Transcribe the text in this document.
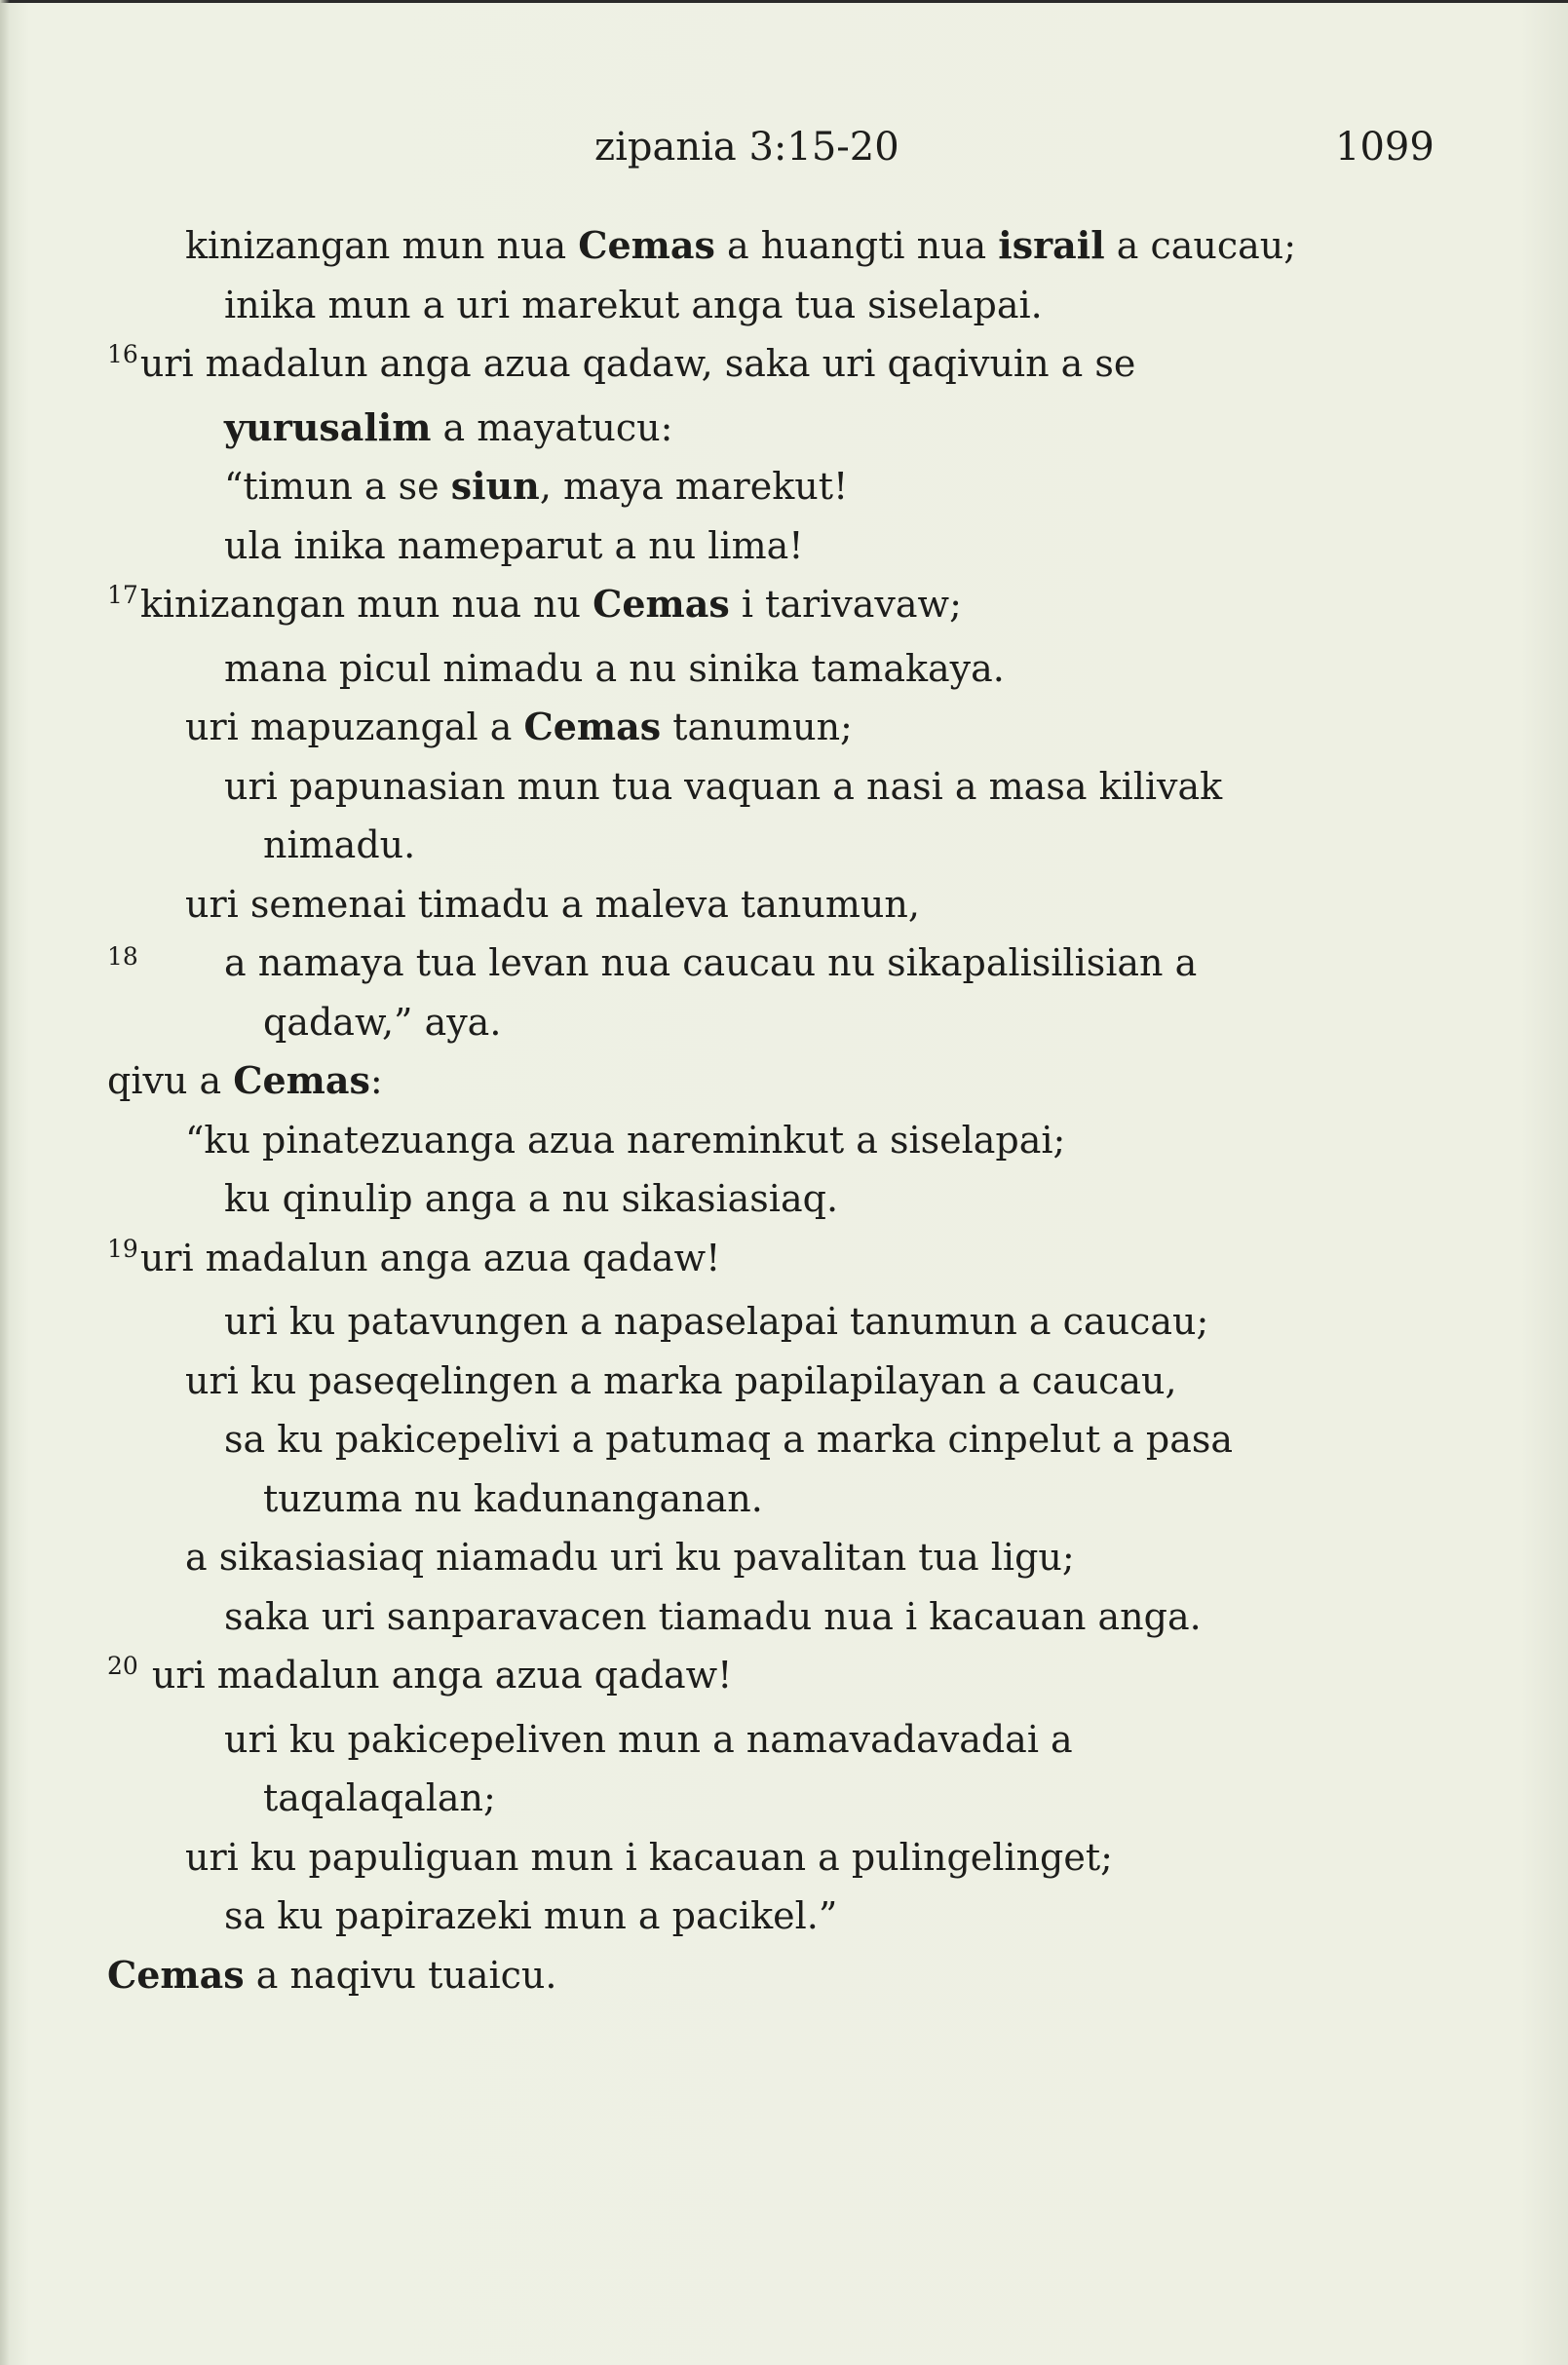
zipania 3:15-20	1099
kinizangan mun nua Cemas a huangti nua israil a caucau;
inika mun a uri marekut anga tua siselapai.
$^{16}$uri madalun anga azua qadaw, saka uri qaqivuin a se
yurusalim a mayatucu:
“timun a se siun, maya marekut!
ula inika nameparut a nu lima!
$^{17}$kinizangan mun nua nu Cemas i tarivavaw;
mana picul nimadu a nu sinika tamakaya.
uri mapuzangal a Cemas tanumun;
uri papunasian mun tua vaquan a nasi a masa kilivak
nimadu.
uri semenai timadu a maleva tanumun,
18 a namaya tua levan nua caucau nu sikapalisilisian a
qadaw,” aya.
qivu a Cemas:
“ku pinatezuanga azua nareminkut a siselapai;
ku qinulip anga a nu sikasiasiaq.
$^{19}$uri madalun anga azua qadaw!
uri ku patavungen a napaselapai tanumun a caucau;
uri ku paseqelingen a marka papilapilayan a caucau,
sa ku pakicepelivi a patumaq a marka cinpelut a pasa
tuzuma nu kadunanganan.
a sikasiasiaq niamadu uri ku pavalitan tua ligu;
saka uri sanparavacen tiamadu nua i kacauan anga.
$^{20}$ uri madalun anga azua qadaw!
uri ku pakicepeliven mun a namavadavadai a
taqalaqalan;
uri ku papuliguan mun i kacauan a pulingelinget;
sa ku papirazeki mun a pacikel.”
Cemas a naqivu tuaicu.
